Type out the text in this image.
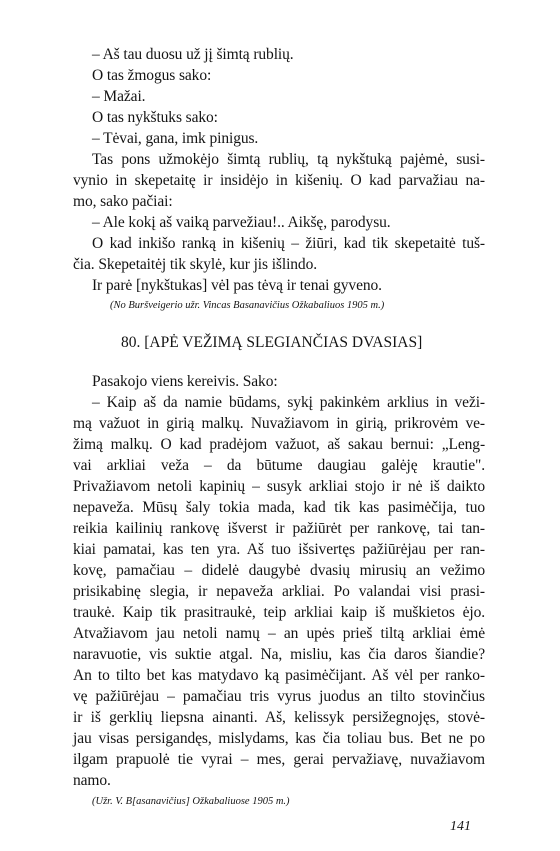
– Aš tau duosu už jį šimtą rublių.
O tas žmogus sako:
– Mažai.
O tas nykštuks sako:
– Tėvai, gana, imk pinigus.
Tas pons užmokėjo šimtą rublių, tą nykštuką pajėmė, susi-
vynio in skepetaitę ir insidėjo in kišenių. O kad parvažiau na-
mo, sako pačiai:
– Ale kokį aš vaiką parvežiau!.. Aikšę, parodysu.
O kad inkišo ranką in kišenių – žiūri, kad tik skepetaitė tuš-
čia. Skepetaitėj tik skylė, kur jis išlindo.
Ir parė [nykštukas] vėl pas tėvą ir tenai gyveno.
(No Buršveigerio užr. Vincas Basanavičius Ožkabaliuos 1905 m.)
80. [APĖ VEŽIMĄ SLEGIANČIAS DVASIAS]
Pasakojo viens kereivis. Sako:
– Kaip aš da namie būdams, sykį pakinkėm arklius in veži-
mą važuot in girią malkų. Nuvažiavom in girią, prikrovėm ve-
žimą malkų. O kad pradėjom važuot, aš sakau bernui: „Leng-
vai arkliai veža – da būtume daugiau galėję krautie".
Privažiavom netoli kapinių – susyk arkliai stojo ir nė iš daikto
nepaveža. Mūsų šaly tokia mada, kad tik kas pasimėčija, tuo
reikia kailinių rankovę išverst ir pažiūrėt per rankovę, tai tan-
kiai pamatai, kas ten yra. Aš tuo išsivertęs pažiūrėjau per ran-
kovę, pamačiau – didelė daugybė dvasių mirusių an vežimo
prisikabinę slegia, ir nepaveža arkliai. Po valandai visi prasi-
traukė. Kaip tik prasitraukė, teip arkliai kaip iš muškietos ėjo.
Atvažiavom jau netoli namų – an upės prieš tiltą arkliai ėmė
naravuotie, vis suktie atgal. Na, misliu, kas čia daros šiandie?
An to tilto bet kas matydavo ką pasimėčijant. Aš vėl per ranko-
vę pažiūrėjau – pamačiau tris vyrus juodus an tilto stovinčius
ir iš gerklių liepsna ainanti. Aš, kelissyk persižegnojęs, stovė-
jau visas persigandęs, mislydams, kas čia toliau bus. Bet ne po
ilgam prapuolė tie vyrai – mes, gerai pervažiavę, nuvažiavom
namo.
(Užr. V. B[asanavičius] Ožkabaliuose 1905 m.)
141
